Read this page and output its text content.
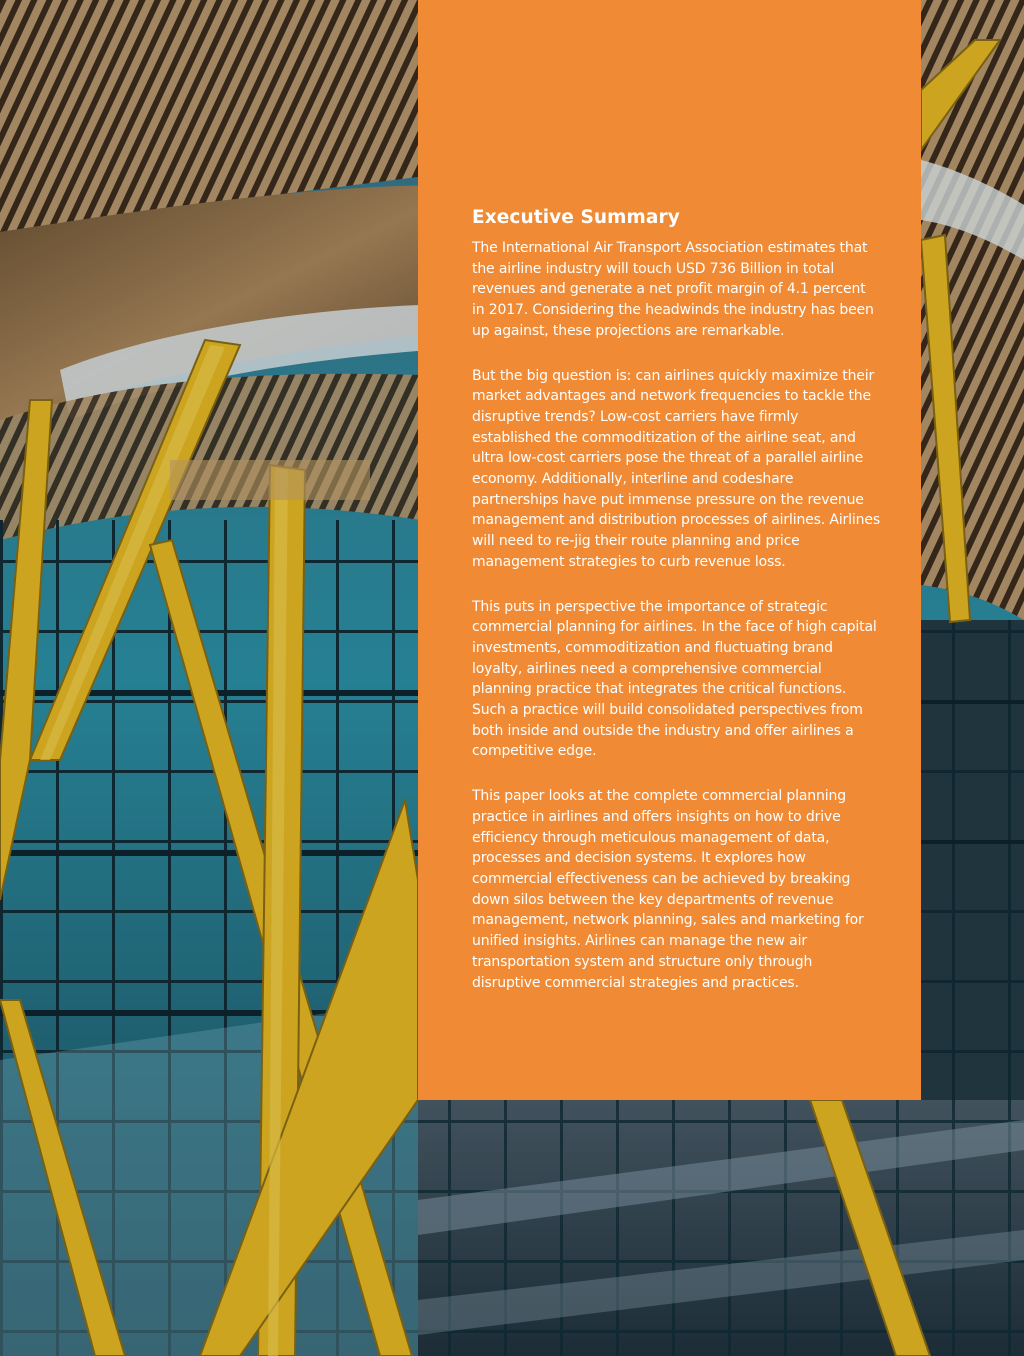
Executive Summary

The International Air Transport Association estimates that the airline industry will touch USD 736 Billion in total revenues and generate a net profit margin of 4.1 percent in 2017. Considering the headwinds the industry has been up against, these projections are remarkable.

But the big question is: can airlines quickly maximize their market advantages and network frequencies to tackle the disruptive trends? Low-cost carriers have firmly established the commoditization of the airline seat, and ultra low-cost carriers pose the threat of a parallel airline economy. Additionally, interline and codeshare partnerships have put immense pressure on the revenue management and distribution processes of airlines. Airlines will need to re-jig their route planning and price management strategies to curb revenue loss.

This puts in perspective the importance of strategic commercial planning for airlines. In the face of high capital investments, commoditization and fluctuating brand loyalty, airlines need a comprehensive commercial planning practice that integrates the critical functions. Such a practice will build consolidated perspectives from both inside and outside the industry and offer airlines a competitive edge.

This paper looks at the complete commercial planning practice in airlines and offers insights on how to drive efficiency through meticulous management of data, processes and decision systems. It explores how commercial effectiveness can be achieved by breaking down silos between the key departments of revenue management, network planning, sales and marketing for unified insights. Airlines can manage the new air transportation system and structure only through disruptive commercial strategies and practices.
